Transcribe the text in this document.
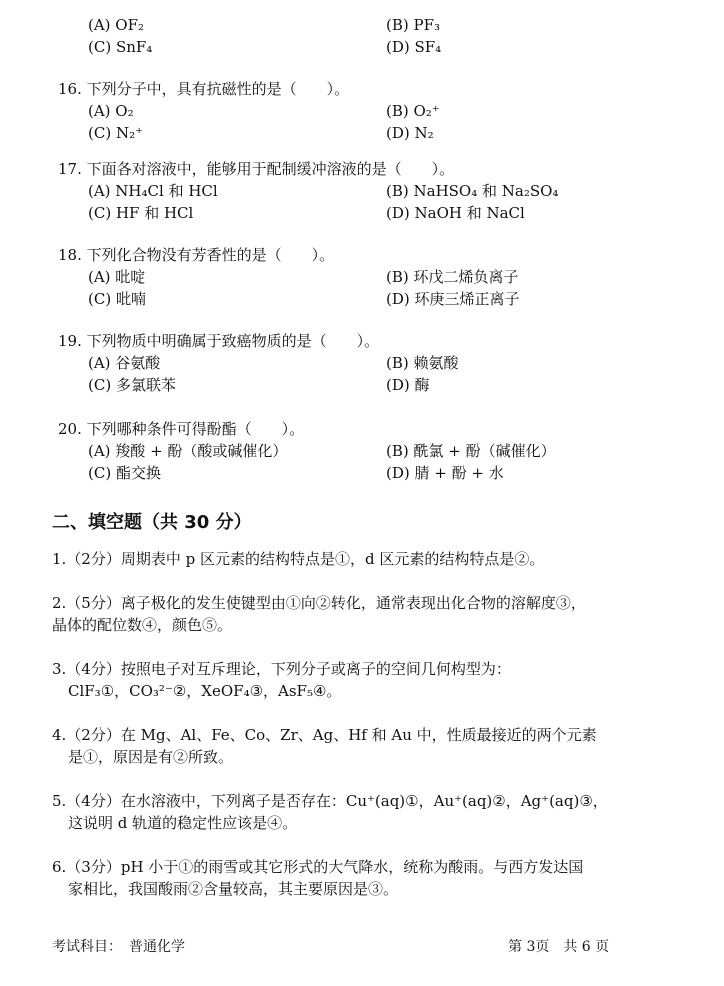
(A) OF₂	(B) PF₃
(C) SnF₄	(D) SF₄
16. 下列分子中，具有抗磁性的是（　　）。
(A) O₂	(B) O₂⁺
(C) N₂⁺	(D) N₂
17. 下面各对溶液中，能够用于配制缓冲溶液的是（　　）。
(A) NH₄Cl 和 HCl	(B) NaHSO₄ 和 Na₂SO₄
(C) HF 和 HCl	(D) NaOH 和 NaCl
18. 下列化合物没有芳香性的是（　　）。
(A) 吡啶	(B) 环戊二烯负离子
(C) 吡喃	(D) 环庚三烯正离子
19. 下列物质中明确属于致癌物质的是（　　）。
(A) 谷氨酸	(B) 赖氨酸
(C) 多氯联苯	(D) 酶
20. 下列哪种条件可得酚酯（　　）。
(A) 羧酸 + 酚（酸或碱催化）	(B) 酰氯 + 酚（碱催化）
(C) 酯交换	(D) 腈 + 酚 + 水
二、填空题（共 30 分）

1.（2分）周期表中 p 区元素的结构特点是①，d 区元素的结构特点是②。

2.（5分）离子极化的发生使键型由①向②转化，通常表现出化合物的溶解度③，

晶体的配位数④，颜色⑤。

3.（4分）按照电子对互斥理论，下列分子或离子的空间几何构型为：

ClF₃①，CO₃²⁻②，XeOF₄③，AsF₅④。

4.（2分）在 Mg、Al、Fe、Co、Zr、Ag、Hf 和 Au 中，性质最接近的两个元素

是①，原因是有②所致。

5.（4分）在水溶液中，下列离子是否存在：Cu⁺(aq)①，Au⁺(aq)②，Ag⁺(aq)③，

这说明 d 轨道的稳定性应该是④。

6.（3分）pH 小于①的雨雪或其它形式的大气降水，统称为酸雨。与西方发达国

家相比，我国酸雨②含量较高，其主要原因是③。

考试科目：　普通化学	第 3页　共 6 页
